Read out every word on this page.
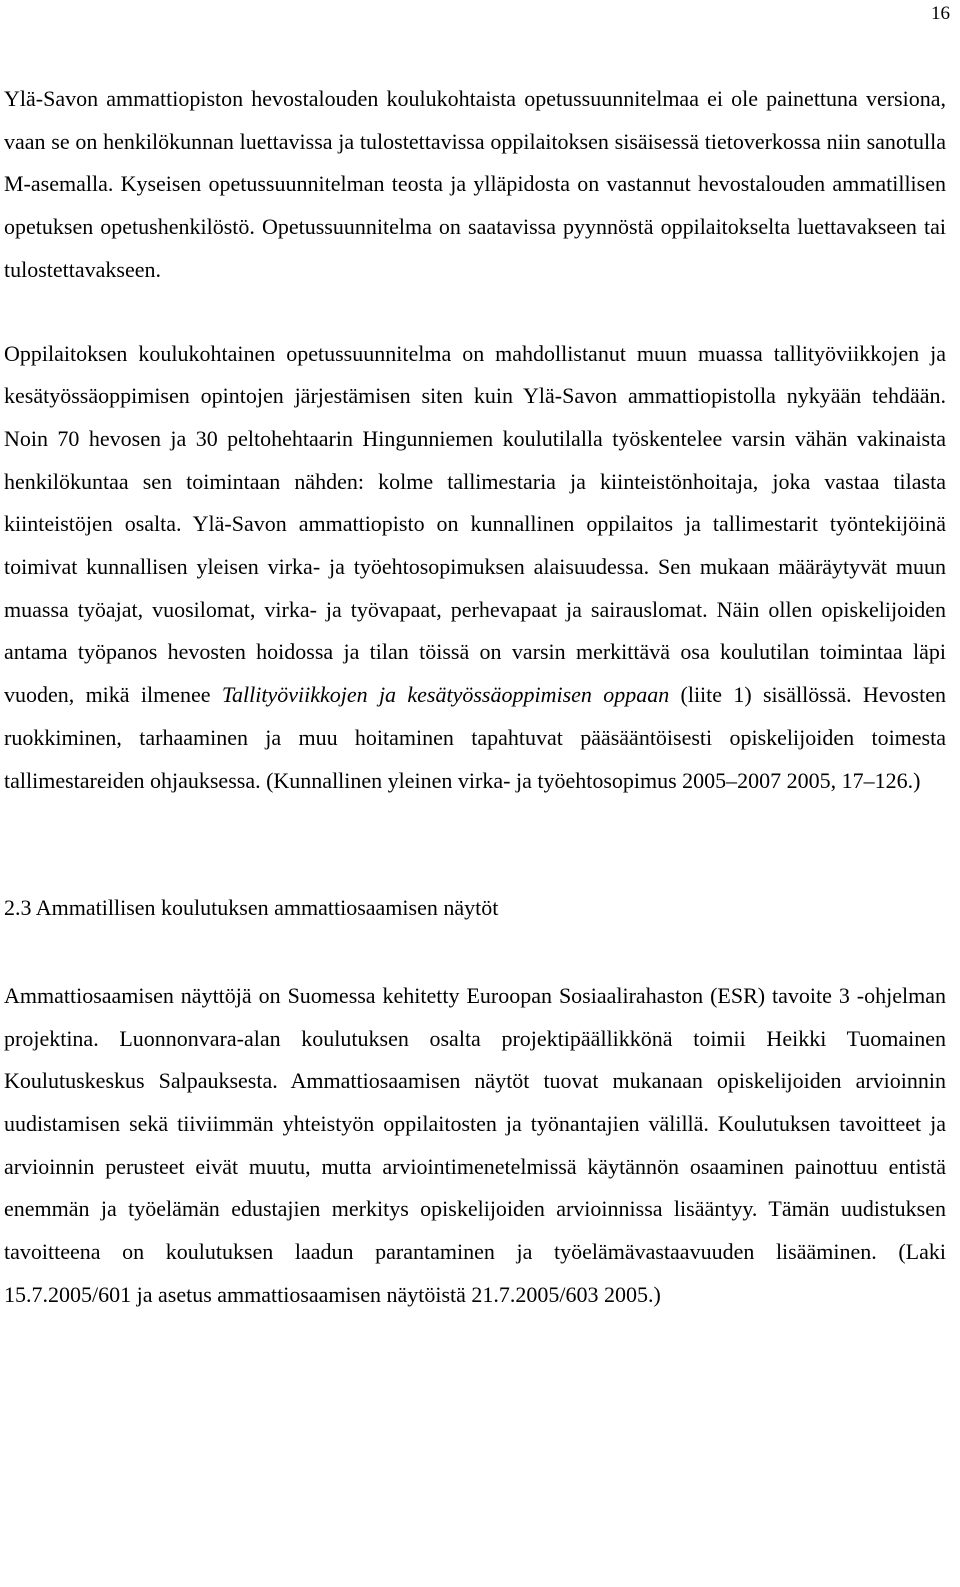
16

Ylä-Savon ammattiopiston hevostalouden koulukohtaista opetussuunnitelmaa ei ole painettuna versiona, vaan se on henkilökunnan luettavissa ja tulostettavissa oppilaitoksen sisäisessä tietoverkossa niin sanotulla M-asemalla. Kyseisen opetussuunnitelman teosta ja ylläpidosta on vastannut hevostalouden ammatillisen opetuksen opetushenkilöstö. Opetussuunnitelma on saatavissa pyynnöstä oppilaitokselta luettavakseen tai tulostettavakseen.

Oppilaitoksen koulukohtainen opetussuunnitelma on mahdollistanut muun muassa tallityöviikkojen ja kesätyössäoppimisen opintojen järjestämisen siten kuin Ylä-Savon ammattiopistolla nykyään tehdään. Noin 70 hevosen ja 30 peltohehtaarin Hingunniemen koulutilalla työskentelee varsin vähän vakinaista henkilökuntaa sen toimintaan nähden: kolme tallimestaria ja kiinteistönhoitaja, joka vastaa tilasta kiinteistöjen osalta. Ylä-Savon ammattiopisto on kunnallinen oppilaitos ja tallimestarit työntekijöinä toimivat kunnallisen yleisen virka- ja työehtosopimuksen alaisuudessa. Sen mukaan määräytyvät muun muassa työajat, vuosilomat, virka- ja työvapaat, perhevapaat ja sairauslomat. Näin ollen opiskelijoiden antama työpanos hevosten hoidossa ja tilan töissä on varsin merkittävä osa koulutilan toimintaa läpi vuoden, mikä ilmenee Tallityöviikkojen ja kesätyössäoppimisen oppaan (liite 1) sisällössä. Hevosten ruokkiminen, tarhaaminen ja muu hoitaminen tapahtuvat pääsääntöisesti opiskelijoiden toimesta tallimestareiden ohjauksessa. (Kunnallinen yleinen virka- ja työehtosopimus 2005–2007 2005, 17–126.)

2.3 Ammatillisen koulutuksen ammattiosaamisen näytöt

Ammattiosaamisen näyttöjä on Suomessa kehitetty Euroopan Sosiaalirahaston (ESR) tavoite 3 -ohjelman projektina. Luonnonvara-alan koulutuksen osalta projektipäällikkönä toimii Heikki Tuomainen Koulutuskeskus Salpauksesta. Ammattiosaamisen näytöt tuovat mukanaan opiskelijoiden arvioinnin uudistamisen sekä tiiviimmän yhteistyön oppilaitosten ja työnantajien välillä. Koulutuksen tavoitteet ja arvioinnin perusteet eivät muutu, mutta arviointimenetelmissä käytännön osaaminen painottuu entistä enemmän ja työelämän edustajien merkitys opiskelijoiden arvioinnissa lisääntyy. Tämän uudistuksen tavoitteena on koulutuksen laadun parantaminen ja työelämävastaavuuden lisääminen. (Laki 15.7.2005/601 ja asetus ammattiosaamisen näytöistä 21.7.2005/603 2005.)
